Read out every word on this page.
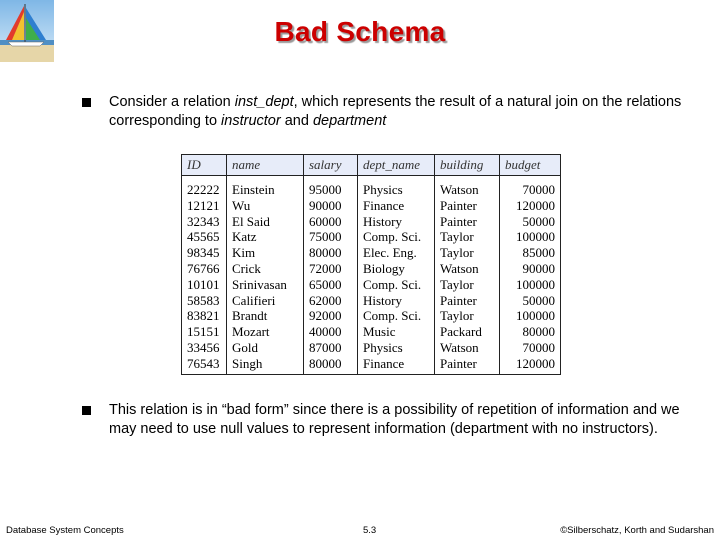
Bad Schema
Consider a relation inst_dept, which represents the result of a natural join on the relations corresponding to instructor and department
ID	name	salary	dept_name	building	budget
22222	Einstein	95000	Physics	Watson	70000
12121	Wu	90000	Finance	Painter	120000
32343	El Said	60000	History	Painter	50000
45565	Katz	75000	Comp. Sci.	Taylor	100000
98345	Kim	80000	Elec. Eng.	Taylor	85000
76766	Crick	72000	Biology	Watson	90000
10101	Srinivasan	65000	Comp. Sci.	Taylor	100000
58583	Califieri	62000	History	Painter	50000
83821	Brandt	92000	Comp. Sci.	Taylor	100000
15151	Mozart	40000	Music	Packard	80000
33456	Gold	87000	Physics	Watson	70000
76543	Singh	80000	Finance	Painter	120000
This relation is in “bad form” since there is a possibility of repetition of information and we may need to use null values to represent information (department with no instructors).
Database System Concepts	5.3	©Silberschatz, Korth and Sudarshan
